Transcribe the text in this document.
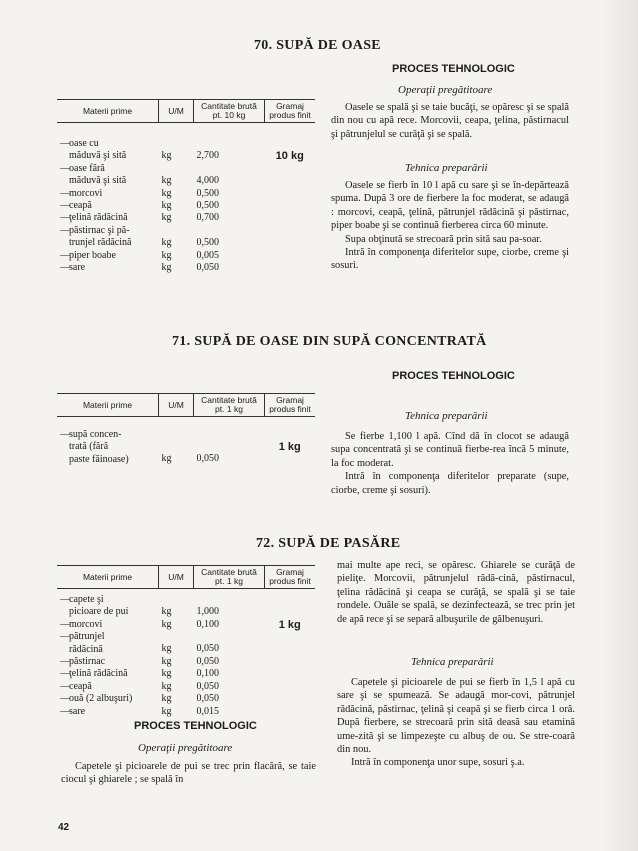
70. SUPĂ DE OASE
PROCES TEHNOLOGIC
Materii prime	U/M	Cantitate brută pt. 10 kg	Gramaj produs finit
—oase cu
măduvă şi sită	kg	2,700	10 kg
—oase fără
măduvă şi sită	kg	4,000	
—morcovi	kg	0,500	
—ceapă	kg	0,500	
—ţelină rădăcină	kg	0,700	
—păstirnac şi pă-
trunjel rădăcină	kg	0,500	
—piper boabe	kg	0,005	
—sare	kg	0,050	
Operaţii pregătitoare

Oasele se spală şi se taie bucăţi, se opăresc şi se spală din nou cu apă rece. Morcovii, ceapa, ţelina, păstirnacul şi pătrunjelul se curăţă şi se spală.

Tehnica preparării

Oasele se fierb în 10 l apă cu sare şi se în-depărtează spuma. După 3 ore de fierbere la foc moderat, se adaugă : morcovi, ceapă, ţelină, pătrunjel rădăcină şi păstirnac, piper boabe şi se continuă fierberea circa 60 minute.

Supa obţinută se strecoară prin sită sau pa-soar.

Intră în componenţa diferitelor supe, ciorbe, creme şi sosuri.

71. SUPĂ DE OASE DIN SUPĂ CONCENTRATĂ
PROCES TEHNOLOGIC
Materii prime	U/M	Cantitate brută pt. 1 kg	Gramaj produs finit
—supă concen-
trată (fără
paste făinoase)	kg	0,050	1 kg
Tehnica preparării

Se fierbe 1,100 l apă. Cînd dă în clocot se adaugă supa concentrată şi se continuă fierbe-rea încă 5 minute, la foc moderat.

Intră în componenţa diferitelor preparate (supe, ciorbe, creme şi sosuri).

72. SUPĂ DE PASĂRE
Materii prime	U/M	Cantitate brută pt. 1 kg	Gramaj produs finit
—capete şi
picioare de pui	kg	1,000	
—morcovi	kg	0,100	1 kg
—pătrunjel
rădăcină	kg	0,050	
—păstirnac	kg	0,050	
—ţelină rădăcină	kg	0,100	
—ceapă	kg	0,050	
—ouă (2 albuşuri)	kg	0,050	
—sare	kg	0,015	
PROCES TEHNOLOGIC
Operaţii pregătitoare

Capetele şi picioarele de pui se trec prin flacără, se taie ciocul şi ghiarele ; se spală în

mai multe ape reci, se opăresc. Ghiarele se curăţă de pieliţe. Morcovii, pătrunjelul rădă-cină, păstirnacul, ţelina rădăcină şi ceapa se curăţă, se spală şi se taie rondele. Ouăle se spală, se dezinfectează, se trec prin jet de apă rece şi se separă albuşurile de gălbenuşuri.

Tehnica preparării

Capetele şi picioarele de pui se fierb în 1,5 l apă cu sare şi se spumează. Se adaugă mor-covi, pătrunjel rădăcină, păstirnac, ţelină şi ceapă şi se fierb circa 1 oră. După fierbere, se strecoară prin sită deasă sau etamină ume-zită şi se limpezeşte cu albuş de ou. Se stre-coară din nou.

Intră în componenţa unor supe, sosuri ş.a.

42
